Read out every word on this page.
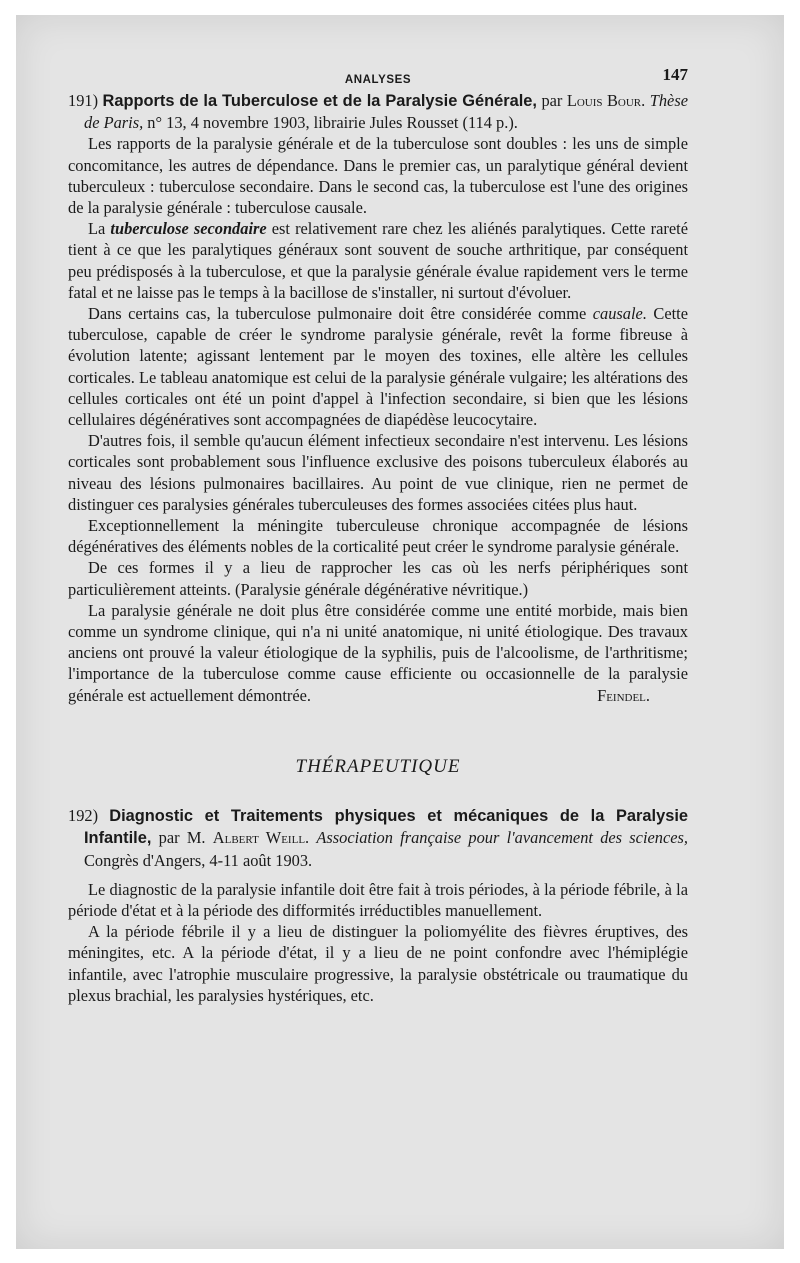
ANALYSES	147

191) Rapports de la Tuberculose et de la Paralysie Générale, par Louis Bour. Thèse de Paris, n° 13, 4 novembre 1903, librairie Jules Rousset (114 p.).

Les rapports de la paralysie générale et de la tuberculose sont doubles : les uns de simple concomitance, les autres de dépendance. Dans le premier cas, un paralytique général devient tuberculeux : tuberculose secondaire. Dans le second cas, la tuberculose est l'une des origines de la paralysie générale : tuberculose causale.

La tuberculose secondaire est relativement rare chez les aliénés paralytiques. Cette rareté tient à ce que les paralytiques généraux sont souvent de souche arthritique, par conséquent peu prédisposés à la tuberculose, et que la paralysie générale évalue rapidement vers le terme fatal et ne laisse pas le temps à la bacillose de s'installer, ni surtout d'évoluer.

Dans certains cas, la tuberculose pulmonaire doit être considérée comme causale. Cette tuberculose, capable de créer le syndrome paralysie générale, revêt la forme fibreuse à évolution latente; agissant lentement par le moyen des toxines, elle altère les cellules corticales. Le tableau anatomique est celui de la paralysie générale vulgaire; les altérations des cellules corticales ont été un point d'appel à l'infection secondaire, si bien que les lésions cellulaires dégénératives sont accompagnées de diapédèse leucocytaire.

D'autres fois, il semble qu'aucun élément infectieux secondaire n'est intervenu. Les lésions corticales sont probablement sous l'influence exclusive des poisons tuberculeux élaborés au niveau des lésions pulmonaires bacillaires. Au point de vue clinique, rien ne permet de distinguer ces paralysies générales tuberculeuses des formes associées citées plus haut.

Exceptionnellement la méningite tuberculeuse chronique accompagnée de lésions dégénératives des éléments nobles de la corticalité peut créer le syndrome paralysie générale.

De ces formes il y a lieu de rapprocher les cas où les nerfs périphériques sont particulièrement atteints. (Paralysie générale dégénérative névritique.)

La paralysie générale ne doit plus être considérée comme une entité morbide, mais bien comme un syndrome clinique, qui n'a ni unité anatomique, ni unité étiologique. Des travaux anciens ont prouvé la valeur étiologique de la syphilis, puis de l'alcoolisme, de l'arthritisme; l'importance de la tuberculose comme cause efficiente ou occasionnelle de la paralysie générale est actuellement démontrée.	Feindel.

THÉRAPEUTIQUE

192) Diagnostic et Traitements physiques et mécaniques de la Paralysie Infantile, par M. Albert Weill. Association française pour l'avancement des sciences, Congrès d'Angers, 4-11 août 1903.

Le diagnostic de la paralysie infantile doit être fait à trois périodes, à la période fébrile, à la période d'état et à la période des difformités irréductibles manuellement.

A la période fébrile il y a lieu de distinguer la poliomyélite des fièvres éruptives, des méningites, etc. A la période d'état, il y a lieu de ne point confondre avec l'hémiplégie infantile, avec l'atrophie musculaire progressive, la paralysie obstétricale ou traumatique du plexus brachial, les paralysies hystériques, etc.
